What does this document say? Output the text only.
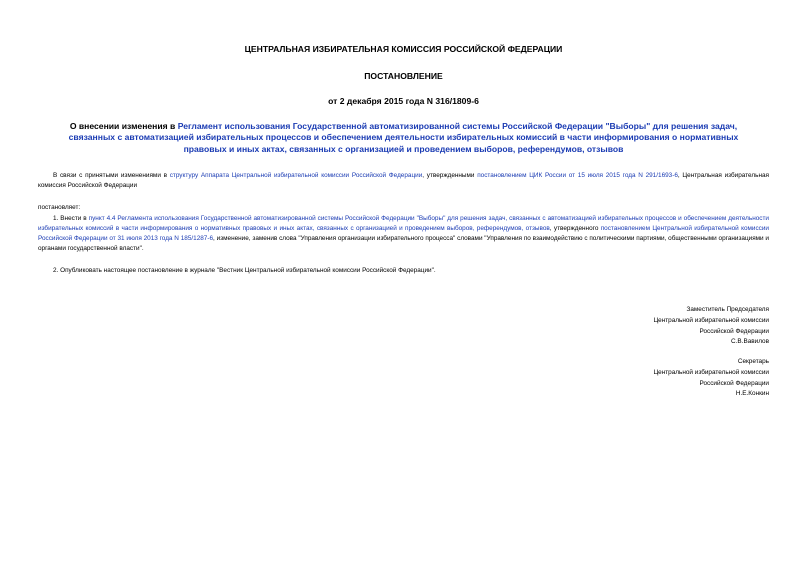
ЦЕНТРАЛЬНАЯ ИЗБИРАТЕЛЬНАЯ КОМИССИЯ РОССИЙСКОЙ ФЕДЕРАЦИИ
ПОСТАНОВЛЕНИЕ
от 2 декабря 2015 года N 316/1809-6
О внесении изменения в Регламент использования Государственной автоматизированной системы Российской Федерации "Выборы" для решения задач, связанных с автоматизацией избирательных процессов и обеспечением деятельности избирательных комиссий в части информирования о нормативных правовых и иных актах, связанных с организацией и проведением выборов, референдумов, отзывов
В связи с принятыми изменениями в структуру Аппарата Центральной избирательной комиссии Российской Федерации, утвержденными постановлением ЦИК России от 15 июля 2015 года N 291/1693-6, Центральная избирательная комиссия Российской Федерации
постановляет:
1. Внести в пункт 4.4 Регламента использования Государственной автоматизированной системы Российской Федерации "Выборы" для решения задач, связанных с автоматизацией избирательных процессов и обеспечением деятельности избирательных комиссий в части информирования о нормативных правовых и иных актах, связанных с организацией и проведением выборов, референдумов, отзывов, утвержденного постановлением Центральной избирательной комиссии Российской Федерации от 31 июля 2013 года N 185/1287-6, изменение, заменив слова "Управления организации избирательного процесса" словами "Управления по взаимодействию с политическими партиями, общественными организациями и органами государственной власти".
2. Опубликовать настоящее постановление в журнале "Вестник Центральной избирательной комиссии Российской Федерации".
Заместитель Председателя
Центральной избирательной комиссии
Российской Федерации
С.В.Вавилов
Секретарь
Центральной избирательной комиссии
Российской Федерации
Н.Е.Конкин
